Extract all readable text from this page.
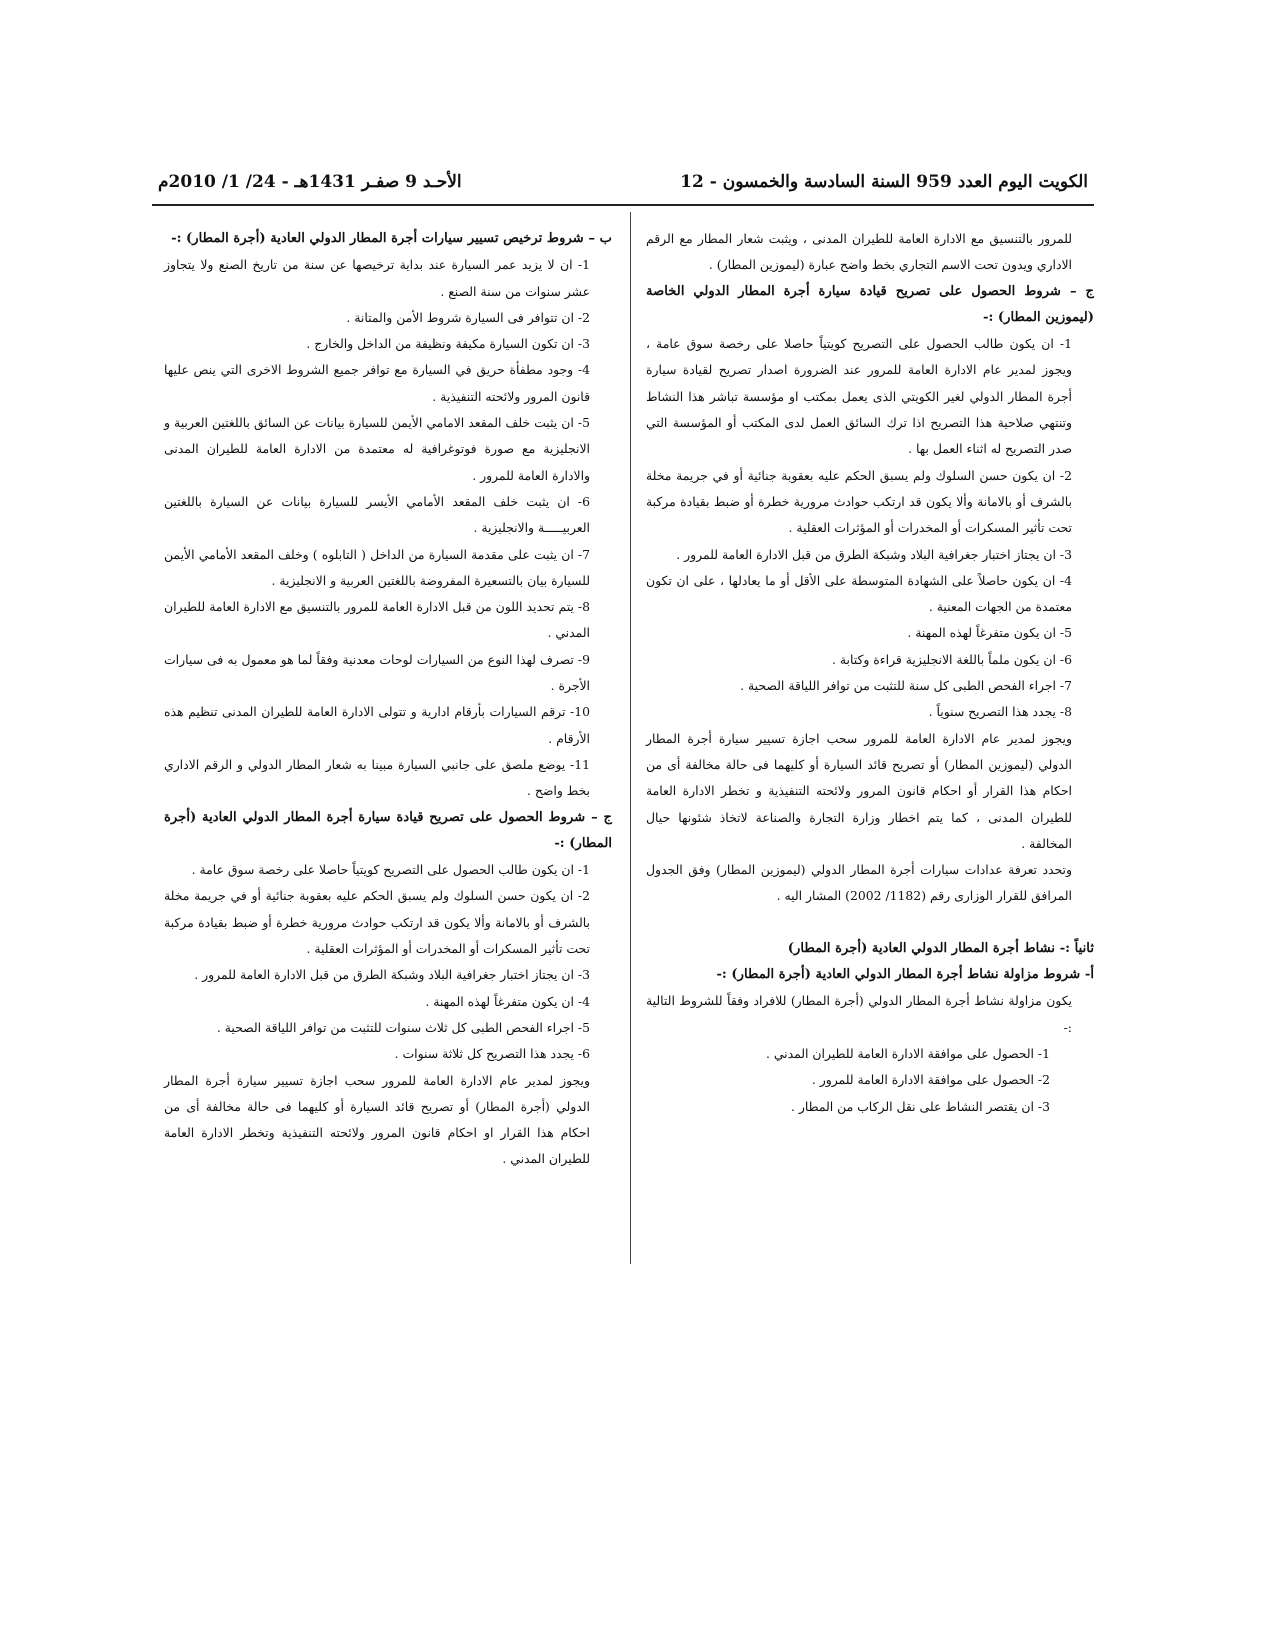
الكويت اليوم العدد 959 السنة السادسة والخمسون - 12
الأحـد 9 صفـر 1431هـ - 24/ 1/ 2010م

للمرور بالتنسيق مع الادارة العامة للطيران المدنى ، ويثبت شعار المطار مع الرقم الاداري ويدون تحت الاسم التجاري بخط واضح عبارة (ليموزين المطار) .

ج – شروط الحصول على تصريح قيادة سيارة أجرة المطار الدولي الخاصة (ليموزين المطار) :-

1- ان يكون طالب الحصول على التصريح كويتياً حاصلا على رخصة سوق عامة ، ويجوز لمدير عام الادارة العامة للمرور عند الضرورة اصدار تصريح لقيادة سيارة أجرة المطار الدولي لغير الكويتي الذى يعمل بمكتب او مؤسسة تباشر هذا النشاط وتنتهي صلاحية هذا التصريح اذا ترك السائق العمل لدى المكتب أو المؤسسة التي صدر التصريح له اثناء العمل بها .

2- ان يكون حسن السلوك ولم يسبق الحكم عليه بعقوبة جنائية أو في جريمة مخلة بالشرف أو بالامانة وألا يكون قد ارتكب حوادث مرورية خطرة أو ضبط بقيادة مركبة تحت تأثير المسكرات أو المخدرات أو المؤثرات العقلية .

3- ان يجتاز اختبار جغرافية البلاد وشبكة الطرق من قبل الادارة العامة للمرور .

4- ان يكون حاصلاً على الشهادة المتوسطة على الأقل أو ما يعادلها ، على ان تكون معتمدة من الجهات المعنية .

5- ان يكون متفرغاً لهذه المهنة .

6- ان يكون ملماً باللغة الانجليزية قراءة وكتابة .

7- اجراء الفحص الطبى كل سنة للتثبت من توافر اللياقة الصحية .

8- يجدد هذا التصريح سنوياً .

ويجوز لمدير عام الادارة العامة للمرور سحب اجازة تسيير سيارة أجرة المطار الدولي (ليموزين المطار) أو تصريح قائد السيارة أو كليهما فى حالة مخالفة أى من احكام هذا القرار أو احكام قانون المرور ولائحته التنفيذية و تخطر الادارة العامة للطيران المدنى ، كما يتم اخطار وزارة التجارة والصناعة لاتخاذ شئونها حيال المخالفة .

وتحدد تعرفة عدادات سيارات أجرة المطار الدولي (ليموزين المطار) وفق الجدول المرافق للقرار الوزارى رقم (1182/ 2002) المشار اليه .

ثانياً :- نشاط أجرة المطار الدولي العادية (أجرة المطار)

أ- شروط مزاولة نشاط أجرة المطار الدولي العادية (أجرة المطار) :-

يكون مزاولة نشاط أجرة المطار الدولي (أجرة المطار) للافراد وفقاً للشروط التالية :-

1- الحصول على موافقة الادارة العامة للطيران المدني .

2- الحصول على موافقة الادارة العامة للمرور .

3- ان يقتصر النشاط على نقل الركاب من المطار .

ب – شروط ترخيص تسيير سيارات أجرة المطار الدولي العادية (أجرة المطار) :-

1- ان لا يزيد عمر السيارة عند بداية ترخيصها عن سنة من تاريخ الصنع ولا يتجاوز عشر سنوات من سنة الصنع .

2- ان تتوافر فى السيارة شروط الأمن والمتانة .

3- ان تكون السيارة مكيفة ونظيفة من الداخل والخارج .

4- وجود مطفأة حريق في السيارة مع توافر جميع الشروط الاخرى التي ينص عليها قانون المرور ولائحته التنفيذية .

5- ان يثبت خلف المقعد الامامي الأيمن للسيارة بيانات عن السائق باللغتين العربية و الانجليزية مع صورة فوتوغرافية له معتمدة من الادارة العامة للطيران المدنى والادارة العامة للمرور .

6- ان يثبت خلف المقعد الأمامي الأيسر للسيارة بيانات عن السيارة باللغتين العربيـــــة والانجليزية .

7- ان يثبت على مقدمة السيارة من الداخل ( التابلوه ) وخلف المقعد الأمامي الأيمن للسيارة بيان بالتسعيرة المفروضة باللغتين العربية و الانجليزية .

8- يتم تحديد اللون من قبل الادارة العامة للمرور بالتنسيق مع الادارة العامة للطيران المدني .

9- تصرف لهذا النوع من السيارات لوحات معدنية وفقاً لما هو معمول به فى سيارات الأجرة .

10- ترقم السيارات بأرقام ادارية و تتولى الادارة العامة للطيران المدنى تنظيم هذه الأرقام .

11- يوضع ملصق على جانبي السيارة مبينا به شعار المطار الدولي و الرقم الاداري بخط واضح .

ج – شروط الحصول على تصريح قيادة سيارة أجرة المطار الدولي العادية (أجرة المطار) :-

1- ان يكون طالب الحصول على التصريح كويتياً حاصلا على رخصة سوق عامة .

2- ان يكون حسن السلوك ولم يسبق الحكم عليه بعقوبة جنائية أو في جريمة مخلة بالشرف أو بالامانة وألا يكون قد ارتكب حوادث مرورية خطرة أو ضبط بقيادة مركبة تحت تأثير المسكرات أو المخدرات أو المؤثرات العقلية .

3- ان يجتاز اختبار جغرافية البلاد وشبكة الطرق من قبل الادارة العامة للمرور .

4- ان يكون متفرغاً لهذه المهنة .

5- اجراء الفحص الطبى كل ثلاث سنوات للتثبت من توافر اللياقة الصحية .

6- يجدد هذا التصريح كل ثلاثة سنوات .

ويجوز لمدير عام الادارة العامة للمرور سحب اجازة تسيير سيارة أجرة المطار الدولي (أجرة المطار) أو تصريح قائد السيارة أو كليهما فى حالة مخالفة أى من احكام هذا القرار او احكام قانون المرور ولائحته التنفيذية وتخطر الادارة العامة للطيران المدني .
